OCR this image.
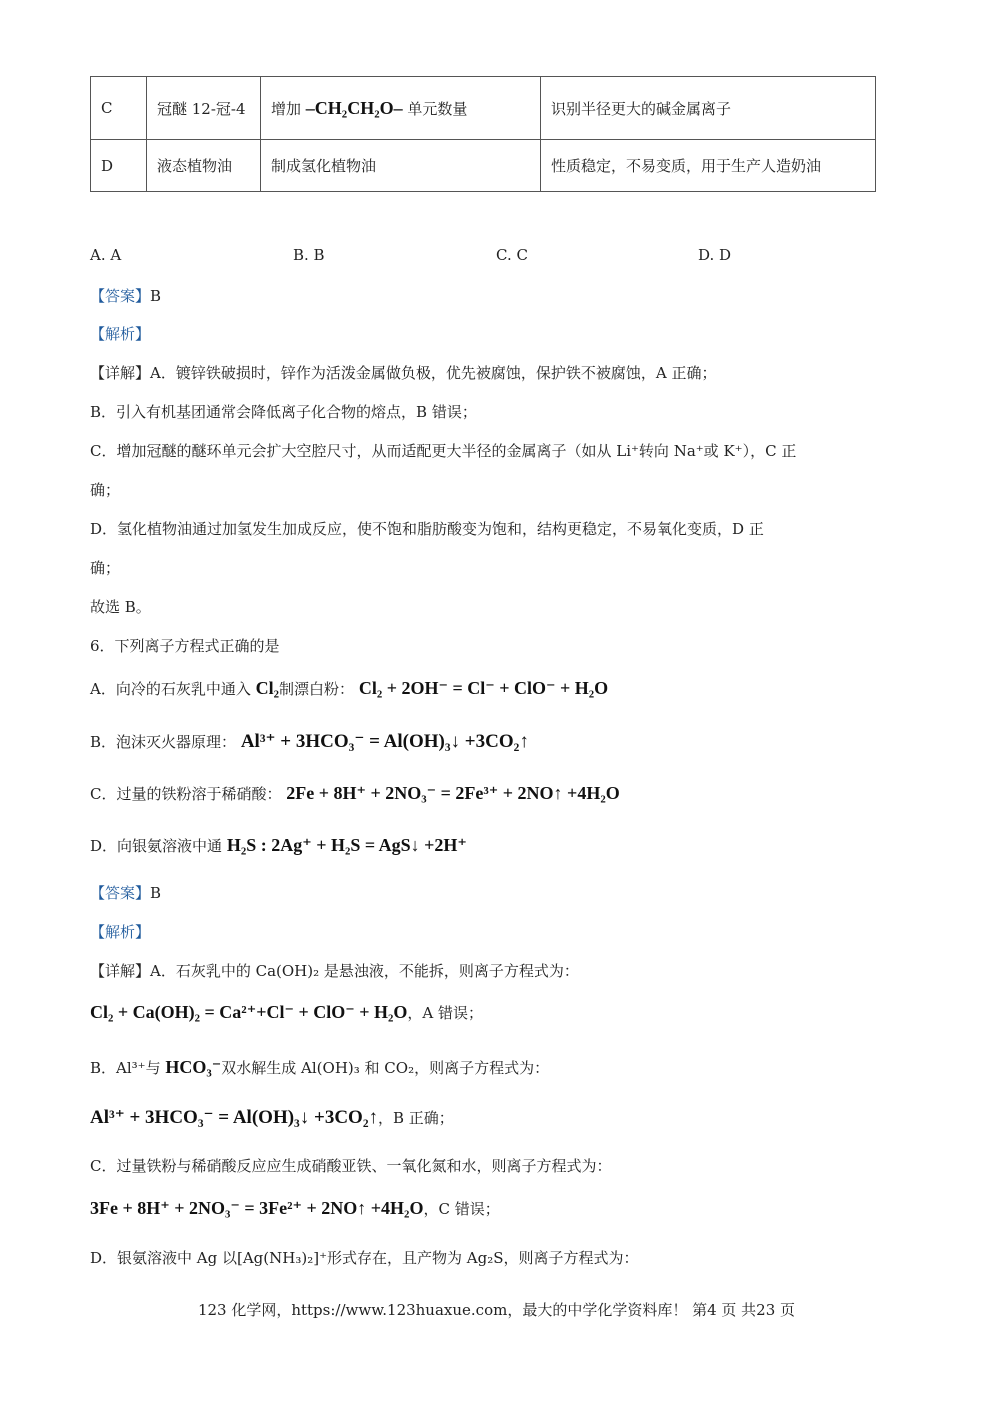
C	冠醚 12-冠-4	增加 –CH₂CH₂O– 单元数量	识别半径更大的碱金属离子
D	液态植物油	制成氢化植物油	性质稳定，不易变质，用于生产人造奶油
A. A	B. B	C. C	D. D
【答案】B
【解析】
【详解】A．镀锌铁破损时，锌作为活泼金属做负极，优先被腐蚀，保护铁不被腐蚀，A 正确；
B．引入有机基团通常会降低离子化合物的熔点，B 错误；
C．增加冠醚的醚环单元会扩大空腔尺寸，从而适配更大半径的金属离子（如从 Li⁺转向 Na⁺或 K⁺），C 正
确；
D．氢化植物油通过加氢发生加成反应，使不饱和脂肪酸变为饱和，结构更稳定，不易氧化变质，D 正
确；
故选 B。
6．下列离子方程式正确的是
A．向冷的石灰乳中通入 Cl₂制漂白粉： Cl₂ + 2OH⁻ = Cl⁻ + ClO⁻ + H₂O
B．泡沫灭火器原理： Al³⁺ + 3HCO₃⁻ = Al(OH)₃↓ +3CO₂↑
C．过量的铁粉溶于稀硝酸： 2Fe + 8H⁺ + 2NO₃⁻ = 2Fe³⁺ + 2NO↑ +4H₂O
D．向银氨溶液中通 H₂S : 2Ag⁺ + H₂S = AgS↓ +2H⁺
【答案】B
【解析】
【详解】A．石灰乳中的 Ca(OH)₂ 是悬浊液，不能拆，则离子方程式为：
Cl₂ + Ca(OH)₂ = Ca²⁺+Cl⁻ + ClO⁻ + H₂O，A 错误；
B．Al³⁺与 HCO₃⁻双水解生成 Al(OH)₃ 和 CO₂，则离子方程式为：
Al³⁺ + 3HCO₃⁻ = Al(OH)₃↓ +3CO₂↑，B 正确；
C．过量铁粉与稀硝酸反应应生成硝酸亚铁、一氧化氮和水，则离子方程式为：
3Fe + 8H⁺ + 2NO₃⁻ = 3Fe²⁺ + 2NO↑ +4H₂O，C 错误；
D．银氨溶液中 Ag 以[Ag(NH₃)₂]⁺形式存在，且产物为 Ag₂S，则离子方程式为：
123 化学网，https://www.123huaxue.com，最大的中学化学资料库！ 第4 页 共23 页
